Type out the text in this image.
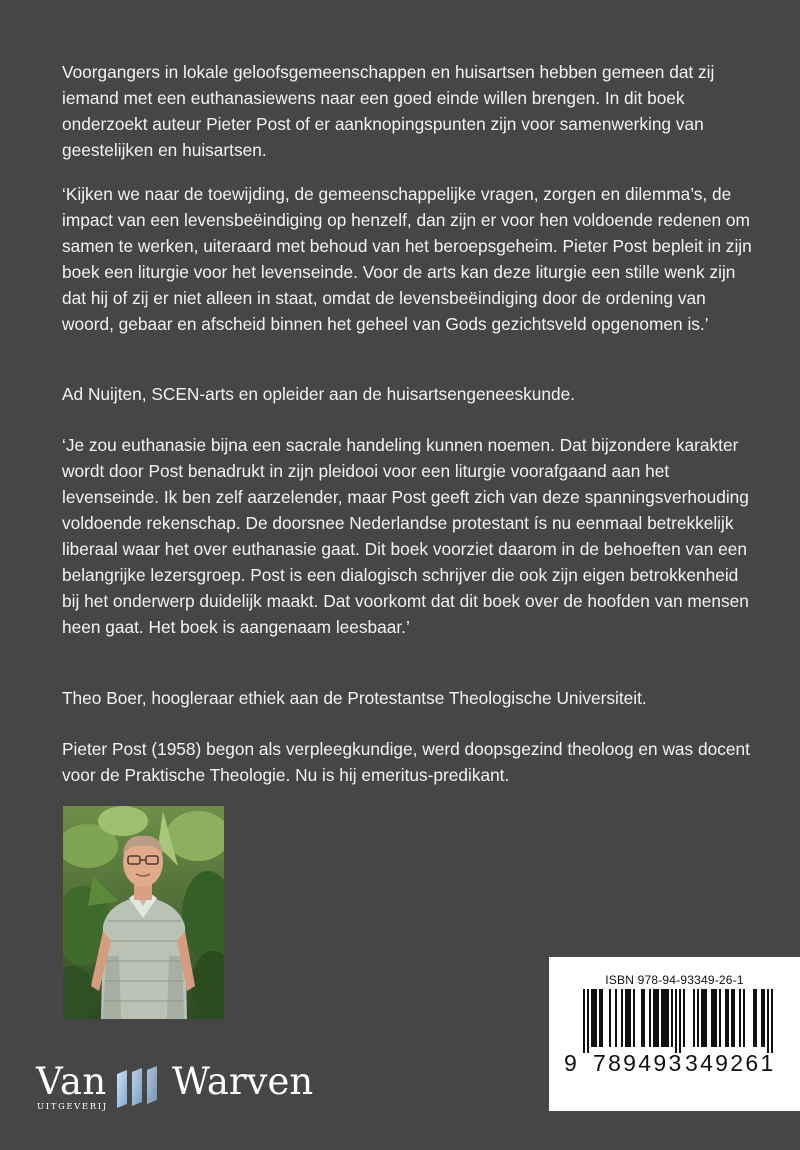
Voorgangers in lokale geloofsgemeenschappen en huisartsen hebben gemeen dat zij iemand met een euthanasiewens naar een goed einde willen brengen. In dit boek onderzoekt auteur Pieter Post of er aanknopingspunten zijn voor samenwerking van geestelijken en huisartsen.

‘Kijken we naar de toewijding, de gemeenschappelijke vragen, zorgen en dilemma’s, de impact van een levensbeëindiging op henzelf, dan zijn er voor hen voldoende redenen om samen te werken, uiteraard met behoud van het beroepsgeheim. Pieter Post bepleit in zijn boek een liturgie voor het levenseinde. Voor de arts kan deze liturgie een stille wenk zijn dat hij of zij er niet alleen in staat, omdat de levensbeëindiging door de ordening van woord, gebaar en afscheid binnen het geheel van Gods gezichtsveld opgenomen is.’

Ad Nuijten, SCEN-arts en opleider aan de huisartsengeneeskunde.

‘Je zou euthanasie bijna een sacrale handeling kunnen noemen. Dat bijzondere karakter wordt door Post benadrukt in zijn pleidooi voor een liturgie voorafgaand aan het levenseinde. Ik ben zelf aarzelender, maar Post geeft zich van deze spanningsverhouding voldoende rekenschap. De doorsnee Nederlandse protestant ís nu eenmaal betrekkelijk liberaal waar het over euthanasie gaat. Dit boek voorziet daarom in de behoeften van een belangrijke lezersgroep. Post is een dialogisch schrijver die ook zijn eigen betrokkenheid bij het onderwerp duidelijk maakt. Dat voorkomt dat dit boek over de hoofden van mensen heen gaat. Het boek is aangenaam leesbaar.’

Theo Boer, hoogleraar ethiek aan de Protestantse Theologische Universiteit.

Pieter Post (1958) begon als verpleegkundige, werd doopsgezind theoloog en was docent voor de Praktische Theologie. Nu is hij emeritus-predikant.

Van Warven
UITGEVERIJ
ISBN 978-94-93349-26-1
9 789493 349261
